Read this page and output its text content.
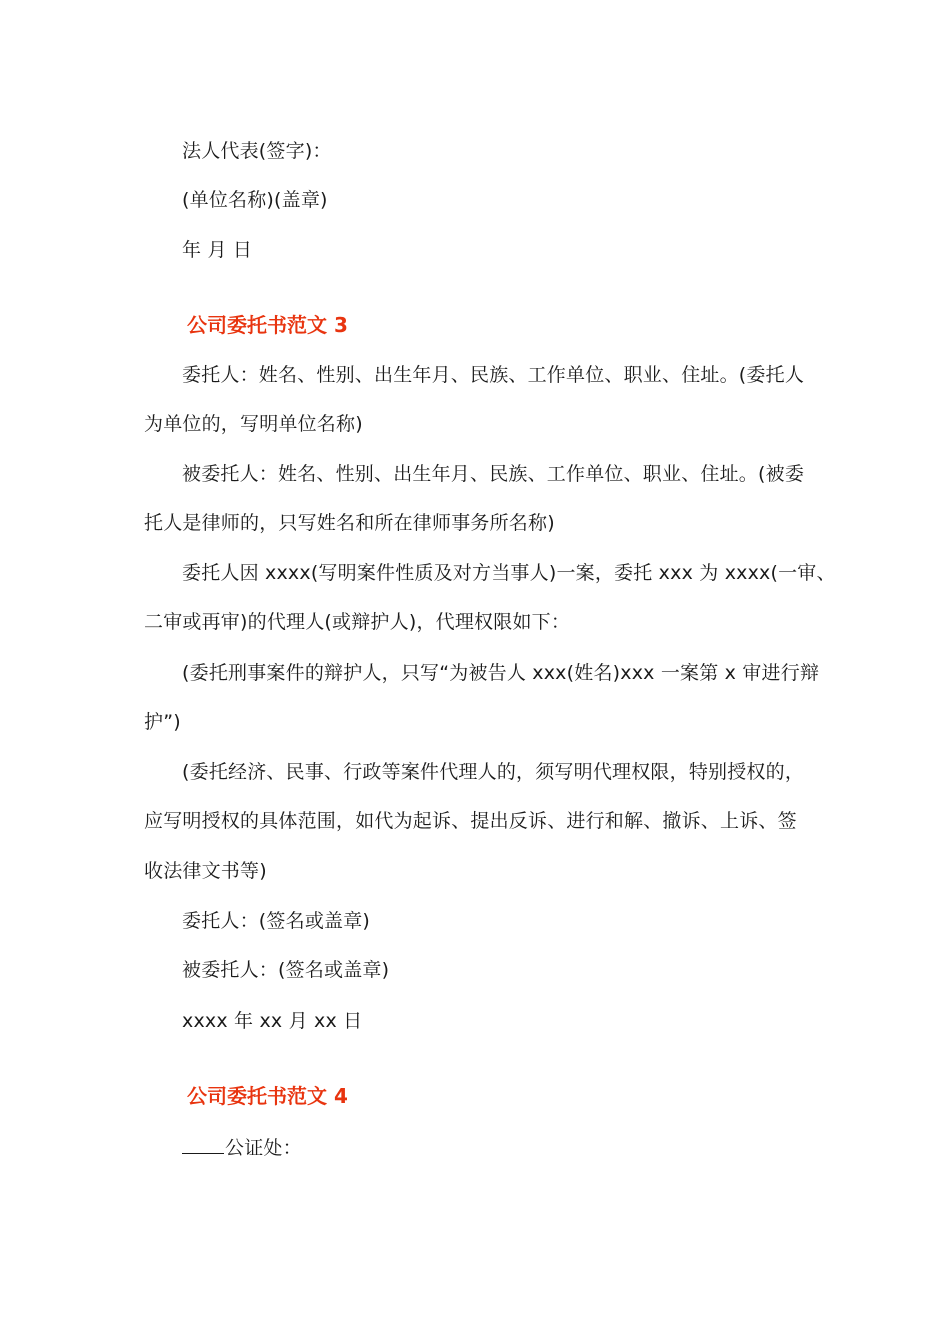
法人代表(签字)：
(单位名称)(盖章)
年 月 日
公司委托书范文 3
委托人：姓名、性别、出生年月、民族、工作单位、职业、住址。(委托人
为单位的，写明单位名称)
被委托人：姓名、性别、出生年月、民族、工作单位、职业、住址。(被委
托人是律师的，只写姓名和所在律师事务所名称)
委托人因 xxxx(写明案件性质及对方当事人)一案，委托 xxx 为 xxxx(一审、
二审或再审)的代理人(或辩护人)，代理权限如下：
(委托刑事案件的辩护人，只写“为被告人 xxx(姓名)xxx 一案第 x 审进行辩
护”)
(委托经济、民事、行政等案件代理人的，须写明代理权限，特别授权的，
应写明授权的具体范围，如代为起诉、提出反诉、进行和解、撤诉、上诉、签
收法律文书等)
委托人：(签名或盖章)
被委托人：(签名或盖章)
xxxx 年 xx 月 xx 日
公司委托书范文 4
公证处：
